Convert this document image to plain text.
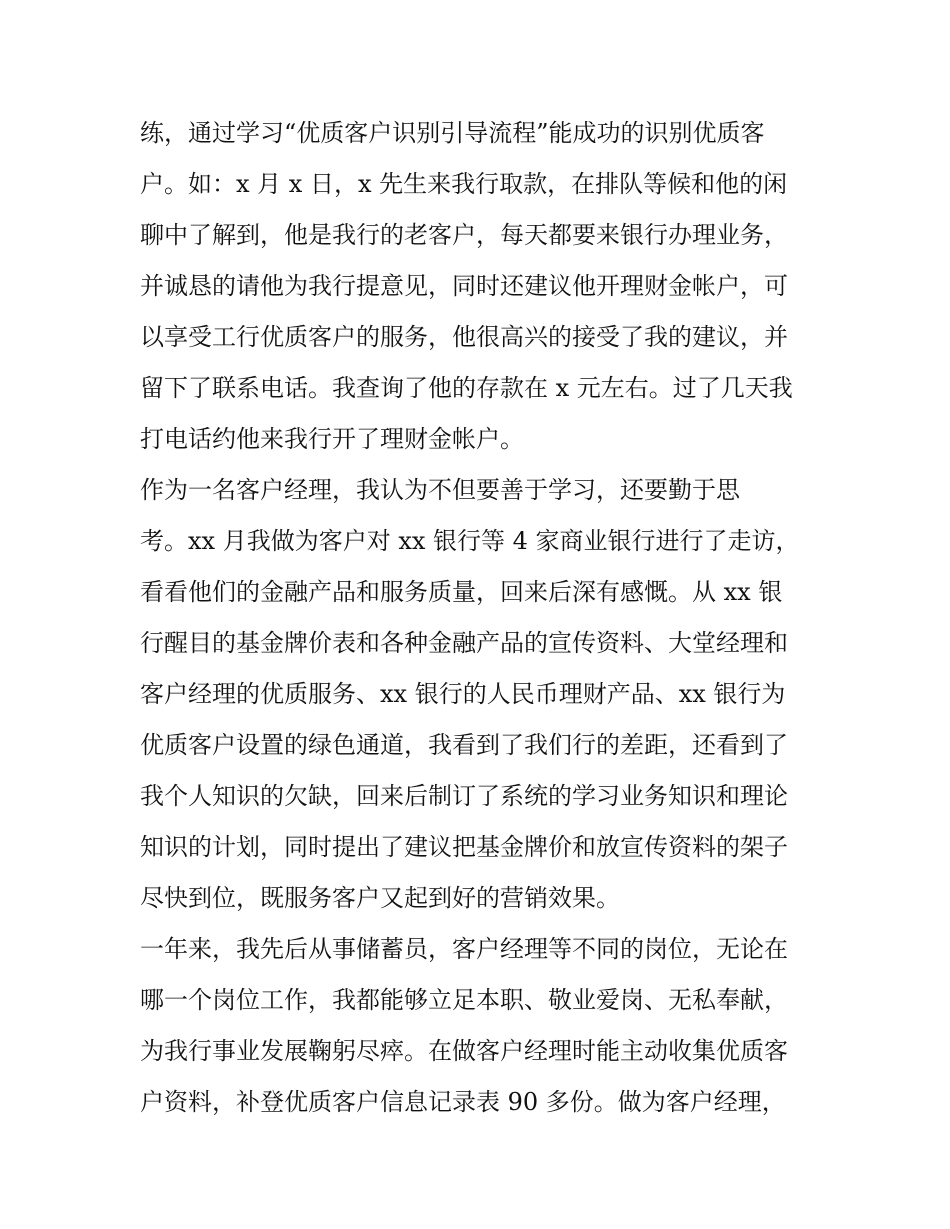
练，通过学习“优质客户识别引导流程”能成功的识别优质客
户。如：x 月 x 日，x 先生来我行取款，在排队等候和他的闲
聊中了解到，他是我行的老客户，每天都要来银行办理业务，
并诚恳的请他为我行提意见，同时还建议他开理财金帐户，可
以享受工行优质客户的服务，他很高兴的接受了我的建议，并
留下了联系电话。我查询了他的存款在 x 元左右。过了几天我
打电话约他来我行开了理财金帐户。
作为一名客户经理，我认为不但要善于学习，还要勤于思
考。xx 月我做为客户对 xx 银行等 4 家商业银行进行了走访，
看看他们的金融产品和服务质量，回来后深有感慨。从 xx 银
行醒目的基金牌价表和各种金融产品的宣传资料、大堂经理和
客户经理的优质服务、xx 银行的人民币理财产品、xx 银行为
优质客户设置的绿色通道，我看到了我们行的差距，还看到了
我个人知识的欠缺，回来后制订了系统的学习业务知识和理论
知识的计划，同时提出了建议把基金牌价和放宣传资料的架子
尽快到位，既服务客户又起到好的营销效果。
一年来，我先后从事储蓄员，客户经理等不同的岗位，无论在
哪一个岗位工作，我都能够立足本职、敬业爱岗、无私奉献，
为我行事业发展鞠躬尽瘁。在做客户经理时能主动收集优质客
户资料，补登优质客户信息记录表 90 多份。做为客户经理，
